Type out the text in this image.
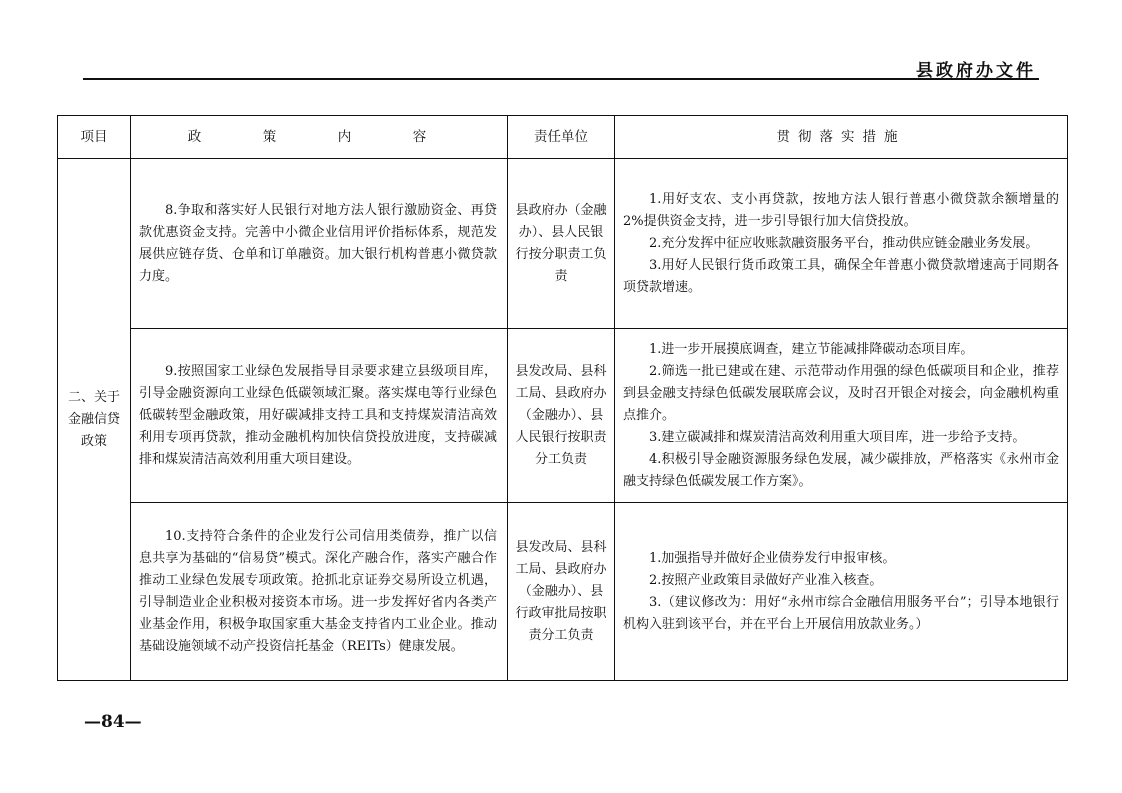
县政府办文件
项目	政　策　内　容	责任单位	贯彻落实措施
二、关于金融信贷政策	8.争取和落实好人民银行对地方法人银行激励资金、再贷款优惠资金支持。完善中小微企业信用评价指标体系，规范发展供应链存货、仓单和订单融资。加大银行机构普惠小微贷款力度。	县政府办（金融办）、县人民银行按分职责工负责	1.用好支农、支小再贷款，按地方法人银行普惠小微贷款余额增量的2%提供资金支持，进一步引导银行加大信贷投放。

2.充分发挥中征应收账款融资服务平台，推动供应链金融业务发展。

3.用好人民银行货币政策工具，确保全年普惠小微贷款增速高于同期各项贷款增速。

	9.按照国家工业绿色发展指导目录要求建立县级项目库，引导金融资源向工业绿色低碳领域汇聚。落实煤电等行业绿色低碳转型金融政策，用好碳减排支持工具和支持煤炭清洁高效利用专项再贷款，推动金融机构加快信贷投放进度，支持碳减排和煤炭清洁高效利用重大项目建设。	县发改局、县科工局、县政府办（金融办）、县人民银行按职责分工负责	1.进一步开展摸底调查，建立节能减排降碳动态项目库。

2.筛选一批已建或在建、示范带动作用强的绿色低碳项目和企业，推荐到县金融支持绿色低碳发展联席会议，及时召开银企对接会，向金融机构重点推介。

3.建立碳减排和煤炭清洁高效利用重大项目库，进一步给予支持。

4.积极引导金融资源服务绿色发展，减少碳排放，严格落实《永州市金融支持绿色低碳发展工作方案》。

	10.支持符合条件的企业发行公司信用类债券，推广以信息共享为基础的“信易贷”模式。深化产融合作，落实产融合作推动工业绿色发展专项政策。抢抓北京证券交易所设立机遇，引导制造业企业积极对接资本市场。进一步发挥好省内各类产业基金作用，积极争取国家重大基金支持省内工业企业。推动基础设施领域不动产投资信托基金（REITs）健康发展。	县发改局、县科工局、县政府办（金融办）、县行政审批局按职责分工负责	1.加强指导并做好企业债券发行申报审核。

2.按照产业政策目录做好产业准入核查。

3.（建议修改为：用好“永州市综合金融信用服务平台”；引导本地银行机构入驻到该平台，并在平台上开展信用放款业务。）

—84—
